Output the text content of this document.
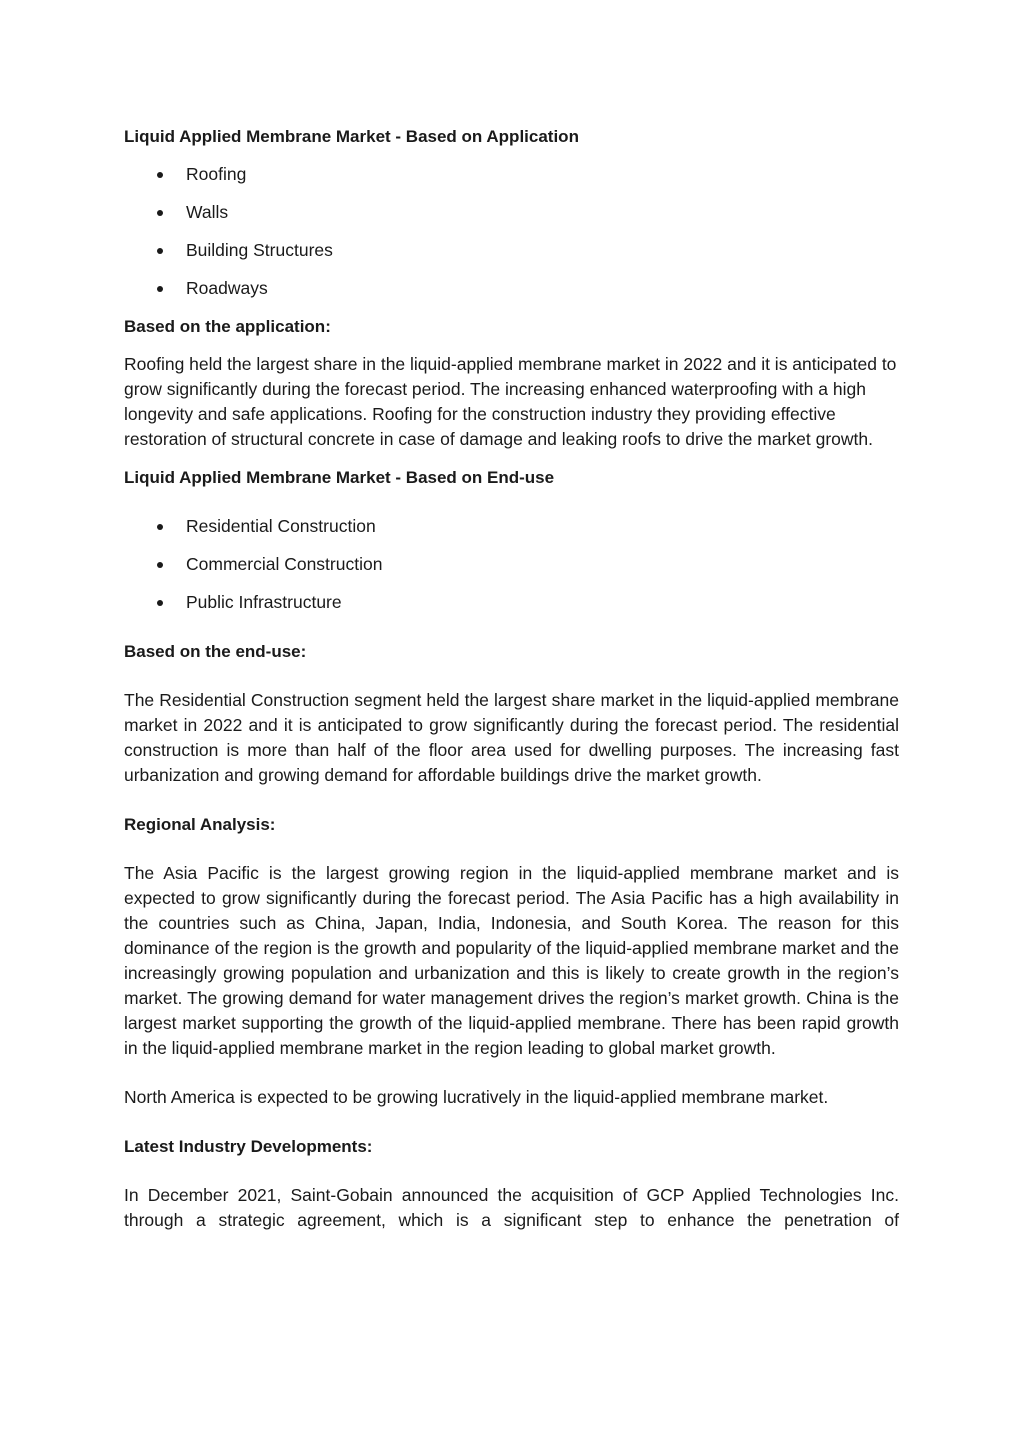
Liquid Applied Membrane Market - Based on Application
Roofing
Walls
Building Structures
Roadways
Based on the application:

Roofing held the largest share in the liquid-applied membrane market in 2022 and it is anticipated to grow significantly during the forecast period. The increasing enhanced waterproofing with a high longevity and safe applications. Roofing for the construction industry they providing effective restoration of structural concrete in case of damage and leaking roofs to drive the market growth.

Liquid Applied Membrane Market - Based on End-use
Residential Construction
Commercial Construction
Public Infrastructure
Based on the end-use:

The Residential Construction segment held the largest share market in the liquid-applied membrane market in 2022 and it is anticipated to grow significantly during the forecast period. The residential construction is more than half of the floor area used for dwelling purposes. The increasing fast urbanization and growing demand for affordable buildings drive the market growth.

Regional Analysis:

The Asia Pacific is the largest growing region in the liquid-applied membrane market and is expected to grow significantly during the forecast period. The Asia Pacific has a high availability in the countries such as China, Japan, India, Indonesia, and South Korea. The reason for this dominance of the region is the growth and popularity of the liquid-applied membrane market and the increasingly growing population and urbanization and this is likely to create growth in the region’s market. The growing demand for water management drives the region’s market growth. China is the largest market supporting the growth of the liquid-applied membrane. There has been rapid growth in the liquid-applied membrane market in the region leading to global market growth.

North America is expected to be growing lucratively in the liquid-applied membrane market.

Latest Industry Developments:

In December 2021, Saint-Gobain announced the acquisition of GCP Applied Technologies Inc. through a strategic agreement, which is a significant step to enhance the penetration of
